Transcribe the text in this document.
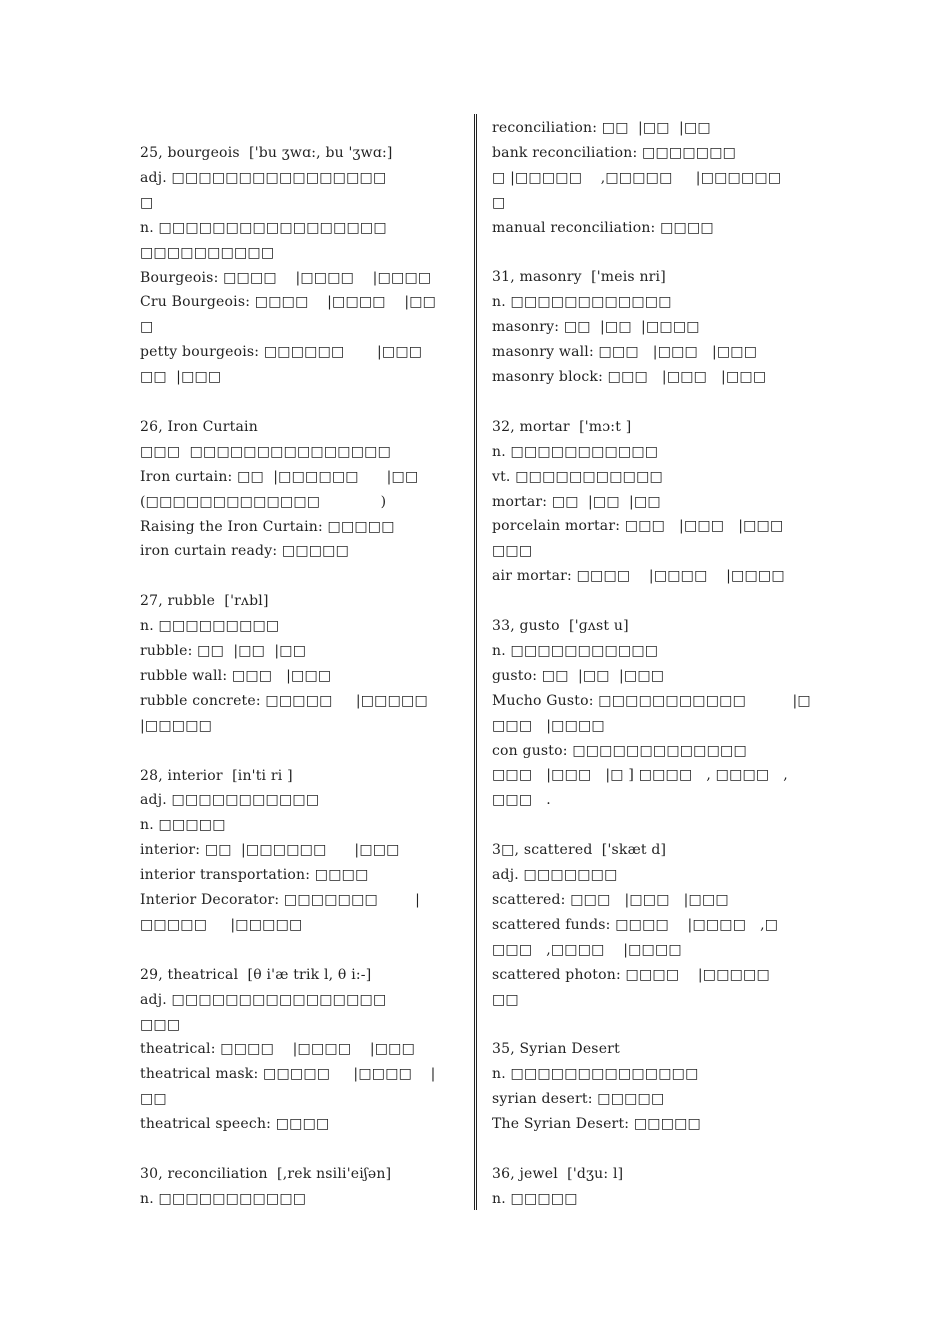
25, bourgeois  ['bu ʒwɑ:, bu 'ʒwɑ:]
adj. □□□□□□□□□□□□□□□□
□
n. □□□□□□□□□□□□□□□□□
□□□□□□□□□□
Bourgeois: □□□□    |□□□□    |□□□□
Cru Bourgeois: □□□□    |□□□□    |□□
□
petty bourgeois: □□□□□□       |□□□
□□  |□□□
26, Iron Curtain
□□□  □□□□□□□□□□□□□□□
Iron curtain: □□  |□□□□□□      |□□
(□□□□□□□□□□□□□             )
Raising the Iron Curtain: □□□□□
iron curtain ready: □□□□□
27, rubble  ['rʌbl]
n. □□□□□□□□□
rubble: □□  |□□  |□□
rubble wall: □□□   |□□□
rubble concrete: □□□□□     |□□□□□
|□□□□□
28, interior  [in'ti ri ]
adj. □□□□□□□□□□□
n. □□□□□
interior: □□  |□□□□□□      |□□□
interior transportation: □□□□
Interior Decorator: □□□□□□□        |
□□□□□     |□□□□□
29, theatrical  [θ i'æ trik l, θ i:-]
adj. □□□□□□□□□□□□□□□□
□□□
theatrical: □□□□    |□□□□    |□□□
theatrical mask: □□□□□     |□□□□    |
□□
theatrical speech: □□□□
30, reconciliation  [,rek nsili'eiʃən]
n. □□□□□□□□□□□
reconciliation: □□  |□□  |□□
bank reconciliation: □□□□□□□
□ |□□□□□    ,□□□□□     |□□□□□□
□
manual reconciliation: □□□□
31, masonry  ['meis nri]
n. □□□□□□□□□□□□
masonry: □□  |□□  |□□□□
masonry wall: □□□   |□□□   |□□□
masonry block: □□□   |□□□   |□□□
32, mortar  ['mɔ:t ]
n. □□□□□□□□□□□
vt. □□□□□□□□□□□
mortar: □□  |□□  |□□
porcelain mortar: □□□   |□□□   |□□□
□□□
air mortar: □□□□    |□□□□    |□□□□
33, gusto  ['ɡʌst u]
n. □□□□□□□□□□□
gusto: □□  |□□  |□□□
Mucho Gusto: □□□□□□□□□□□          |□
□□□   |□□□□
con gusto: □□□□□□□□□□□□□
□□□   |□□□   |□ ] □□□□   , □□□□   ,
□□□   .
3□, scattered  ['skæt d]
adj. □□□□□□□
scattered: □□□   |□□□   |□□□
scattered funds: □□□□    |□□□□   ,□
□□□   ,□□□□    |□□□□
scattered photon: □□□□    |□□□□□
□□
35, Syrian Desert
n. □□□□□□□□□□□□□□
syrian desert: □□□□□
The Syrian Desert: □□□□□
36, jewel  ['dʒu: l]
n. □□□□□
